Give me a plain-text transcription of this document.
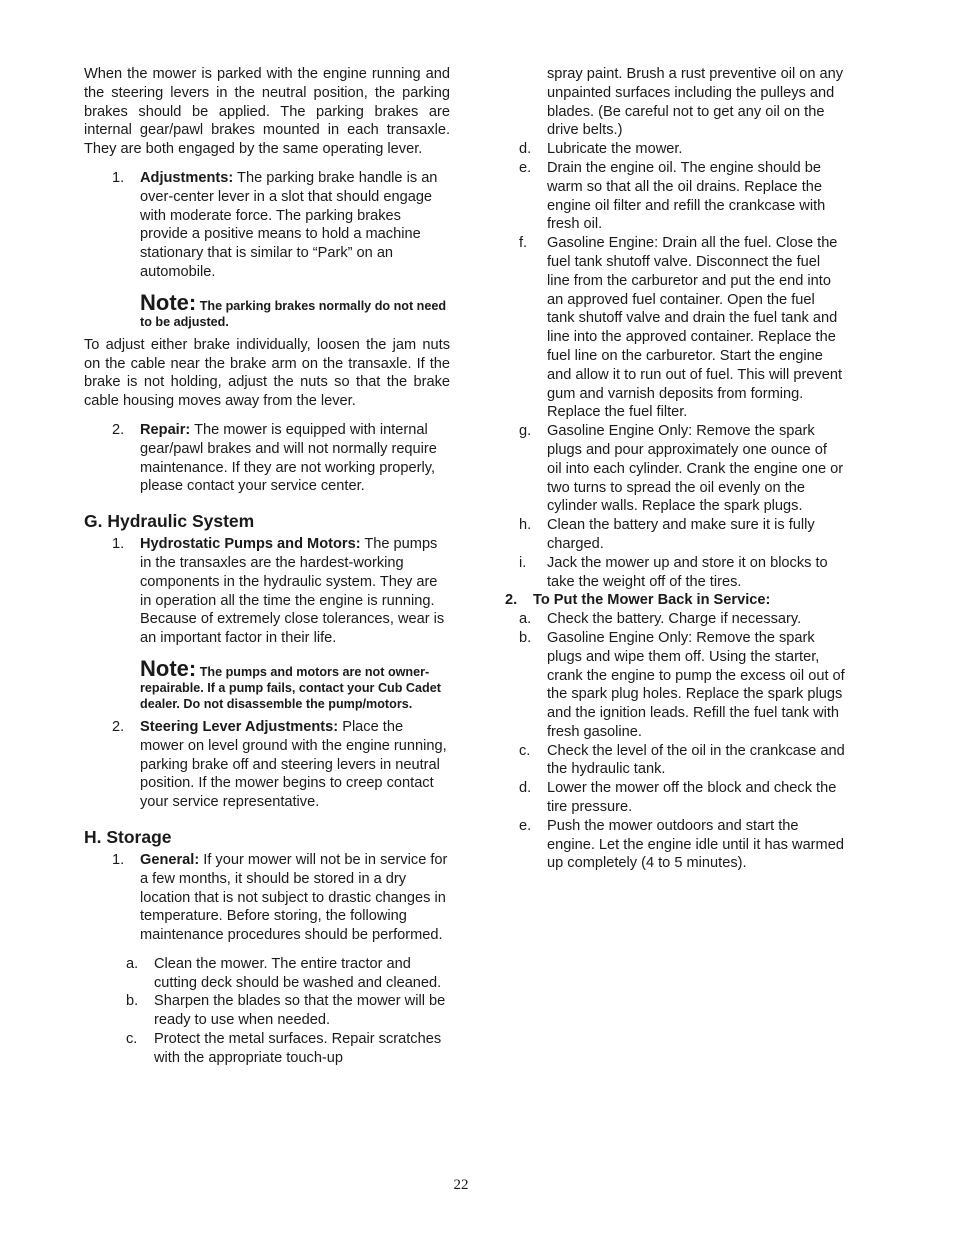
When the mower is parked with the engine running and the steering levers in the neutral position, the parking brakes should be applied. The parking brakes are internal gear/pawl brakes mounted in each transaxle. They are both engaged by the same operating lever.

1. Adjustments: The parking brake handle is an over-center lever in a slot that should engage with moderate force. The parking brakes provide a positive means to hold a machine stationary that is similar to “Park” on an automobile.
Note: The parking brakes normally do not need to be adjusted.

To adjust either brake individually, loosen the jam nuts on the cable near the brake arm on the transaxle. If the brake is not holding, adjust the nuts so that the brake cable housing moves away from the lever.

2. Repair: The mower is equipped with internal gear/pawl brakes and will not normally require maintenance. If they are not working properly, please contact your service center.
G. Hydraulic System
1. Hydrostatic Pumps and Motors: The pumps in the transaxles are the hardest-working components in the hydraulic system. They are in operation all the time the engine is running. Because of extremely close tolerances, wear is an important factor in their life.
Note: The pumps and motors are not owner-repairable. If a pump fails, contact your Cub Cadet dealer. Do not disassemble the pump/motors.
2. Steering Lever Adjustments: Place the mower on level ground with the engine running, parking brake off and steering levers in neutral position. If the mower begins to creep contact your service representative.
H. Storage
1. General: If your mower will not be in service for a few months, it should be stored in a dry location that is not subject to drastic changes in temperature. Before storing, the following maintenance procedures should be performed.
a. Clean the mower. The entire tractor and cutting deck should be washed and cleaned.
b. Sharpen the blades so that the mower will be ready to use when needed.
c. Protect the metal surfaces. Repair scratches with the appropriate touch-up

spray paint. Brush a rust preventive oil on any unpainted surfaces including the pulleys and blades. (Be careful not to get any oil on the drive belts.)

d. Lubricate the mower.
e. Drain the engine oil. The engine should be warm so that all the oil drains. Replace the engine oil filter and refill the crankcase with fresh oil.
f. Gasoline Engine: Drain all the fuel. Close the fuel tank shutoff valve. Disconnect the fuel line from the carburetor and put the end into an approved fuel container. Open the fuel tank shutoff valve and drain the fuel tank and line into the approved container. Replace the fuel line on the carburetor. Start the engine and allow it to run out of fuel. This will prevent gum and varnish deposits from forming. Replace the fuel filter.
g. Gasoline Engine Only: Remove the spark plugs and pour approximately one ounce of oil into each cylinder. Crank the engine one or two turns to spread the oil evenly on the cylinder walls. Replace the spark plugs.
h. Clean the battery and make sure it is fully charged.
i. Jack the mower up and store it on blocks to take the weight off of the tires.
2. To Put the Mower Back in Service:
a. Check the battery. Charge if necessary.
b. Gasoline Engine Only: Remove the spark plugs and wipe them off. Using the starter, crank the engine to pump the excess oil out of the spark plug holes. Replace the spark plugs and the ignition leads. Refill the fuel tank with fresh gasoline.
c. Check the level of the oil in the crankcase and the hydraulic tank.
d. Lower the mower off the block and check the tire pressure.
e. Push the mower outdoors and start the engine. Let the engine idle until it has warmed up completely (4 to 5 minutes).
22
